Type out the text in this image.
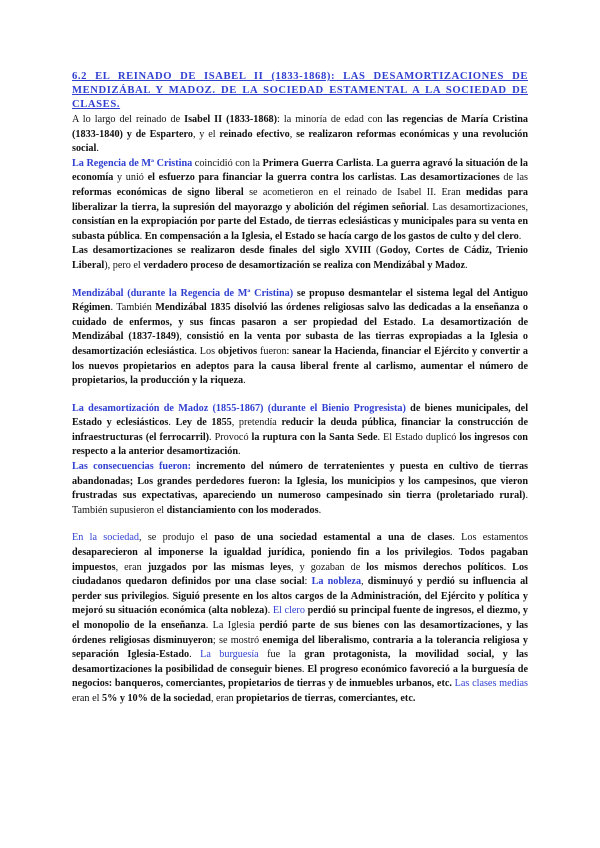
6.2 EL REINADO DE ISABEL II (1833-1868): LAS DESAMORTIZACIONES DE MENDIZÁBAL Y MADOZ. DE LA SOCIEDAD ESTAMENTAL A LA SOCIEDAD DE CLASES.

A lo largo del reinado de Isabel II (1833-1868): la minoría de edad con las regencias de María Cristina (1833-1840) y de Espartero, y el reinado efectivo, se realizaron reformas económicas y una revolución social.

La Regencia de Mª Cristina coincidió con la Primera Guerra Carlista. La guerra agravó la situación de la economía y unió el esfuerzo para financiar la guerra contra los carlistas. Las desamortizaciones de las reformas económicas de signo liberal se acometieron en el reinado de Isabel II. Eran medidas para liberalizar la tierra, la supresión del mayorazgo y abolición del régimen señorial. Las desamortizaciones, consistían en la expropiación por parte del Estado, de tierras eclesiásticas y municipales para su venta en subasta pública. En compensación a la Iglesia, el Estado se hacía cargo de los gastos de culto y del clero.

Las desamortizaciones se realizaron desde finales del siglo XVIII (Godoy, Cortes de Cádiz, Trienio Liberal), pero el verdadero proceso de desamortización se realiza con Mendizábal y Madoz.

Mendizábal (durante la Regencia de Mª Cristina) se propuso desmantelar el sistema legal del Antiguo Régimen. También Mendizábal 1835 disolvió las órdenes religiosas salvo las dedicadas a la enseñanza o cuidado de enfermos, y sus fincas pasaron a ser propiedad del Estado. La desamortización de Mendizábal (1837-1849), consistió en la venta por subasta de las tierras expropiadas a la Iglesia o desamortización eclesiástica. Los objetivos fueron: sanear la Hacienda, financiar el Ejército y convertir a los nuevos propietarios en adeptos para la causa liberal frente al carlismo, aumentar el número de propietarios, la producción y la riqueza.

La desamortización de Madoz (1855-1867) (durante el Bienio Progresista) de bienes municipales, del Estado y eclesiásticos. Ley de 1855, pretendía reducir la deuda pública, financiar la construcción de infraestructuras (el ferrocarril). Provocó la ruptura con la Santa Sede. El Estado duplicó los ingresos con respecto a la anterior desamortización.

Las consecuencias fueron: incremento del número de terratenientes y puesta en cultivo de tierras abandonadas; Los grandes perdedores fueron: la Iglesia, los municipios y los campesinos, que vieron frustradas sus expectativas, apareciendo un numeroso campesinado sin tierra (proletariado rural). También supusieron el distanciamiento con los moderados.

En la sociedad, se produjo el paso de una sociedad estamental a una de clases. Los estamentos desaparecieron al imponerse la igualdad jurídica, poniendo fin a los privilegios. Todos pagaban impuestos, eran juzgados por las mismas leyes, y gozaban de los mismos derechos políticos. Los ciudadanos quedaron definidos por una clase social: La nobleza, disminuyó y perdió su influencia al perder sus privilegios. Siguió presente en los altos cargos de la Administración, del Ejército y política y mejoró su situación económica (alta nobleza). El clero perdió su principal fuente de ingresos, el diezmo, y el monopolio de la enseñanza. La Iglesia perdió parte de sus bienes con las desamortizaciones, y las órdenes religiosas disminuyeron; se mostró enemiga del liberalismo, contraria a la tolerancia religiosa y separación Iglesia-Estado. La burguesía fue la gran protagonista, la movilidad social, y las desamortizaciones la posibilidad de conseguir bienes. El progreso económico favoreció a la burguesía de negocios: banqueros, comerciantes, propietarios de tierras y de inmuebles urbanos, etc. Las clases medias eran el 5% y 10% de la sociedad, eran propietarios de tierras, comerciantes, etc.
